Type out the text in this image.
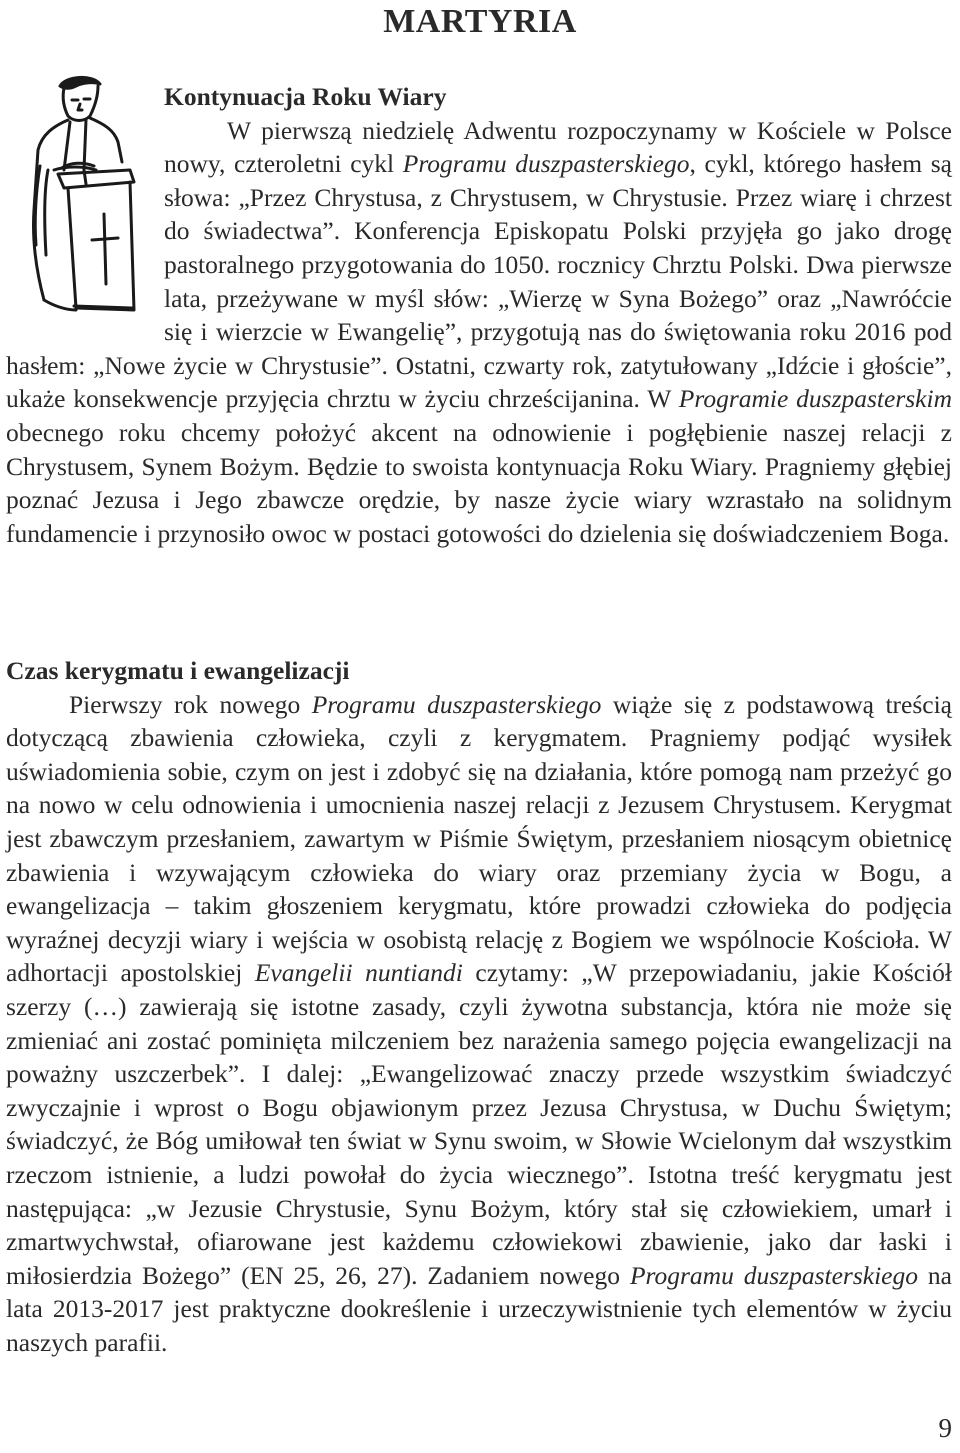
MARTYRIA
Kontynuacja Roku Wiary

W pierwszą niedzielę Adwentu rozpoczynamy w Kościele w Polsce nowy, czteroletni cykl Programu duszpasterskiego, cykl, którego hasłem są słowa: „Przez Chrystusa, z Chrystusem, w Chrystusie. Przez wiarę i chrzest do świadectwa”. Konferencja Episkopatu Polski przyjęła go jako drogę pastoralnego przygotowania do 1050. rocznicy Chrztu Polski. Dwa pierwsze lata, przeżywane w myśl słów: „Wierzę w Syna Bożego” oraz „Nawróćcie się i wierzcie w Ewangelię”, przygotują nas do świętowania roku 2016 pod hasłem: „Nowe życie w Chrystusie”. Ostatni, czwarty rok, zatytułowany „Idźcie i głoście”, ukaże konsekwencje przyjęcia chrztu w życiu chrześcijanina. W Programie duszpasterskim obecnego roku chcemy położyć akcent na odnowienie i pogłębienie naszej relacji z Chrystusem, Synem Bożym. Będzie to swoista kontynuacja Roku Wiary. Pragniemy głębiej poznać Jezusa i Jego zbawcze orędzie, by nasze życie wiary wzrastało na solidnym fundamencie i przynosiło owoc w postaci gotowości do dzielenia się doświadczeniem Boga.

Czas kerygmatu i ewangelizacji

Pierwszy rok nowego Programu duszpasterskiego wiąże się z podstawową treścią dotyczącą zbawienia człowieka, czyli z kerygmatem. Pragniemy podjąć wysiłek uświadomienia sobie, czym on jest i zdobyć się na działania, które pomogą nam przeżyć go na nowo w celu odnowienia i umocnienia naszej relacji z Jezusem Chrystusem. Kerygmat jest zbawczym przesłaniem, zawartym w Piśmie Świętym, przesłaniem niosącym obietnicę zbawienia i wzywającym człowieka do wiary oraz przemiany życia w Bogu, a ewangelizacja – takim głoszeniem kerygmatu, które prowadzi człowieka do podjęcia wyraźnej decyzji wiary i wejścia w osobistą relację z Bogiem we wspólnocie Kościoła. W adhortacji apostolskiej Evangelii nuntiandi czytamy: „W przepowiadaniu, jakie Kościół szerzy (…) zawierają się istotne zasady, czyli żywotna substancja, która nie może się zmieniać ani zostać pominięta milczeniem bez narażenia samego pojęcia ewangelizacji na poważny uszczerbek”. I dalej: „Ewangelizować znaczy przede wszystkim świadczyć zwyczajnie i wprost o Bogu objawionym przez Jezusa Chrystusa, w Duchu Świętym; świadczyć, że Bóg umiłował ten świat w Synu swoim, w Słowie Wcielonym dał wszystkim rzeczom istnienie, a ludzi powołał do życia wiecznego”. Istotna treść kerygmatu jest następująca: „w Jezusie Chrystusie, Synu Bożym, który stał się człowiekiem, umarł i zmartwychwstał, ofiarowane jest każdemu człowiekowi zbawienie, jako dar łaski i miłosierdzia Bożego” (EN 25, 26, 27). Zadaniem nowego Programu duszpasterskiego na lata 2013-2017 jest praktyczne dookreślenie i urzeczywistnienie tych elementów w życiu naszych parafii.

9
